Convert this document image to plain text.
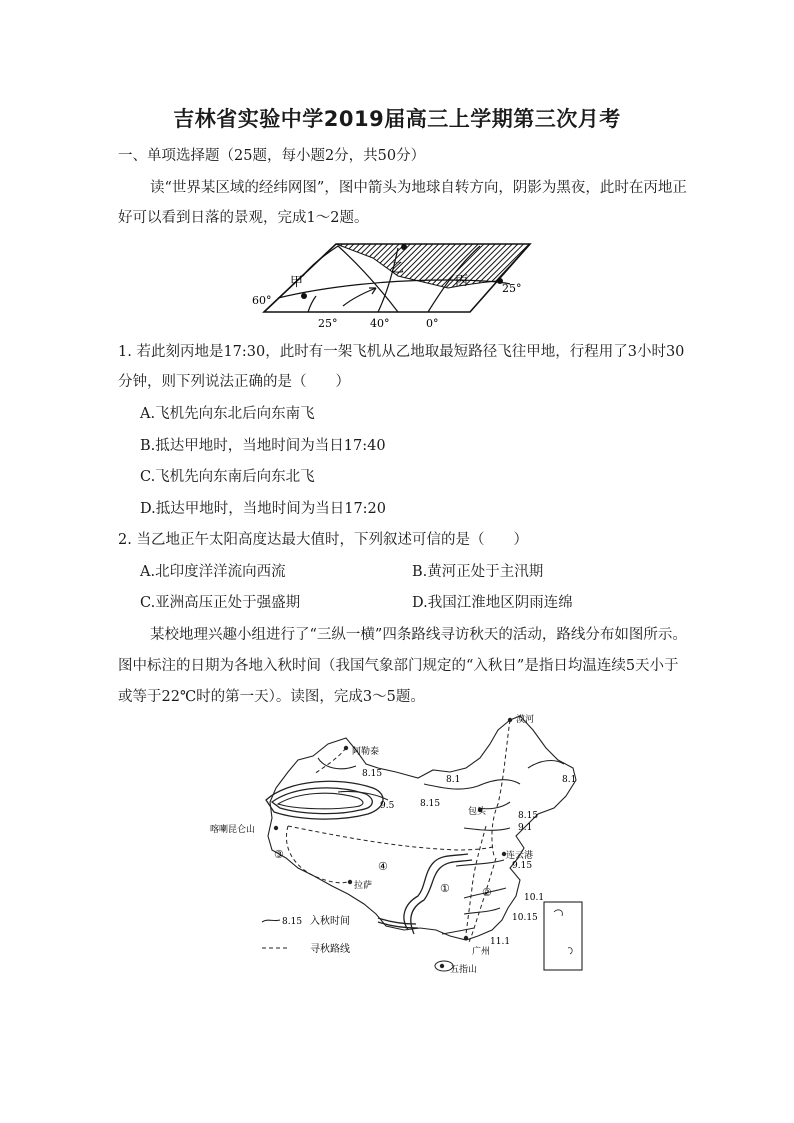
吉林省实验中学2019届高三上学期第三次月考
一、单项选择题（25题，每小题2分，共50分）
读“世界某区域的经纬网图”，图中箭头为地球自转方向，阴影为黑夜，此时在丙地正
好可以看到日落的景观，完成1～2题。
甲
乙
丙
60°
25°
25°	40°	0°
1. 若此刻丙地是17:30，此时有一架飞机从乙地取最短路径飞往甲地，行程用了3小时30
分钟，则下列说法正确的是（　　）
A.飞机先向东北后向东南飞
B.抵达甲地时，当地时间为当日17:40
C.飞机先向东南后向东北飞
D.抵达甲地时，当地时间为当日17:20
2. 当乙地正午太阳高度达最大值时，下列叙述可信的是（　　）
A.北印度洋洋流向西流	B.黄河正处于主汛期
C.亚洲高压正处于强盛期	D.我国江淮地区阴雨连绵
某校地理兴趣小组进行了“三纵一横”四条路线寻访秋天的活动，路线分布如图所示。
图中标注的日期为各地入秋时间（我国气象部门规定的“入秋日”是指日均温连续5天小于
或等于22℃时的第一天）。读图，完成3～5题。
漠河
阿勒泰
喀喇昆仑山
拉萨
包头
连云港
广州
五指山
8.15
8.1	8.1
9.5	8.15
8.15
9.1
9.15
10.1
10.15
11.1
①	②
③
④
8.15 入秋时间
寻秋路线
